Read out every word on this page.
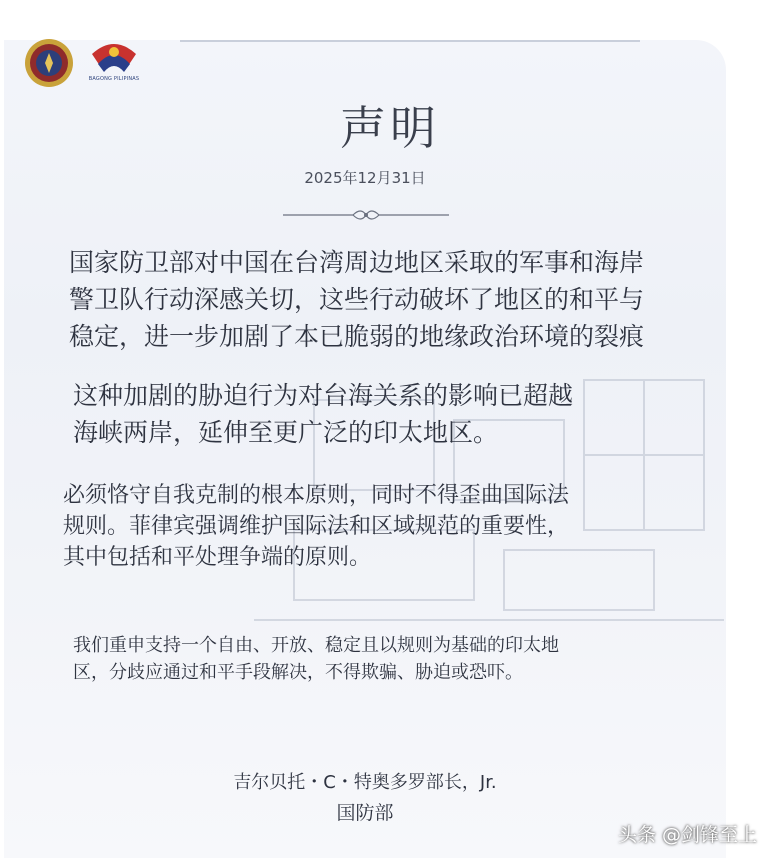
BAGONG PILIPINAS
声明
2025年12月31日
国家防卫部对中国在台湾周边地区采取的军事和海岸
警卫队行动深感关切，这些行动破坏了地区的和平与
稳定，进一步加剧了本已脆弱的地缘政治环境的裂痕
这种加剧的胁迫行为对台海关系的影响已超越
海峡两岸，延伸至更广泛的印太地区。
必须恪守自我克制的根本原则，同时不得歪曲国际法
规则。菲律宾强调维护国际法和区域规范的重要性，
其中包括和平处理争端的原则。
我们重申支持一个自由、开放、稳定且以规则为基础的印太地
区，分歧应通过和平手段解决，不得欺骗、胁迫或恐吓。
吉尔贝托・C・特奥多罗部长，Jr.
国防部
头条 @剑锋至上
